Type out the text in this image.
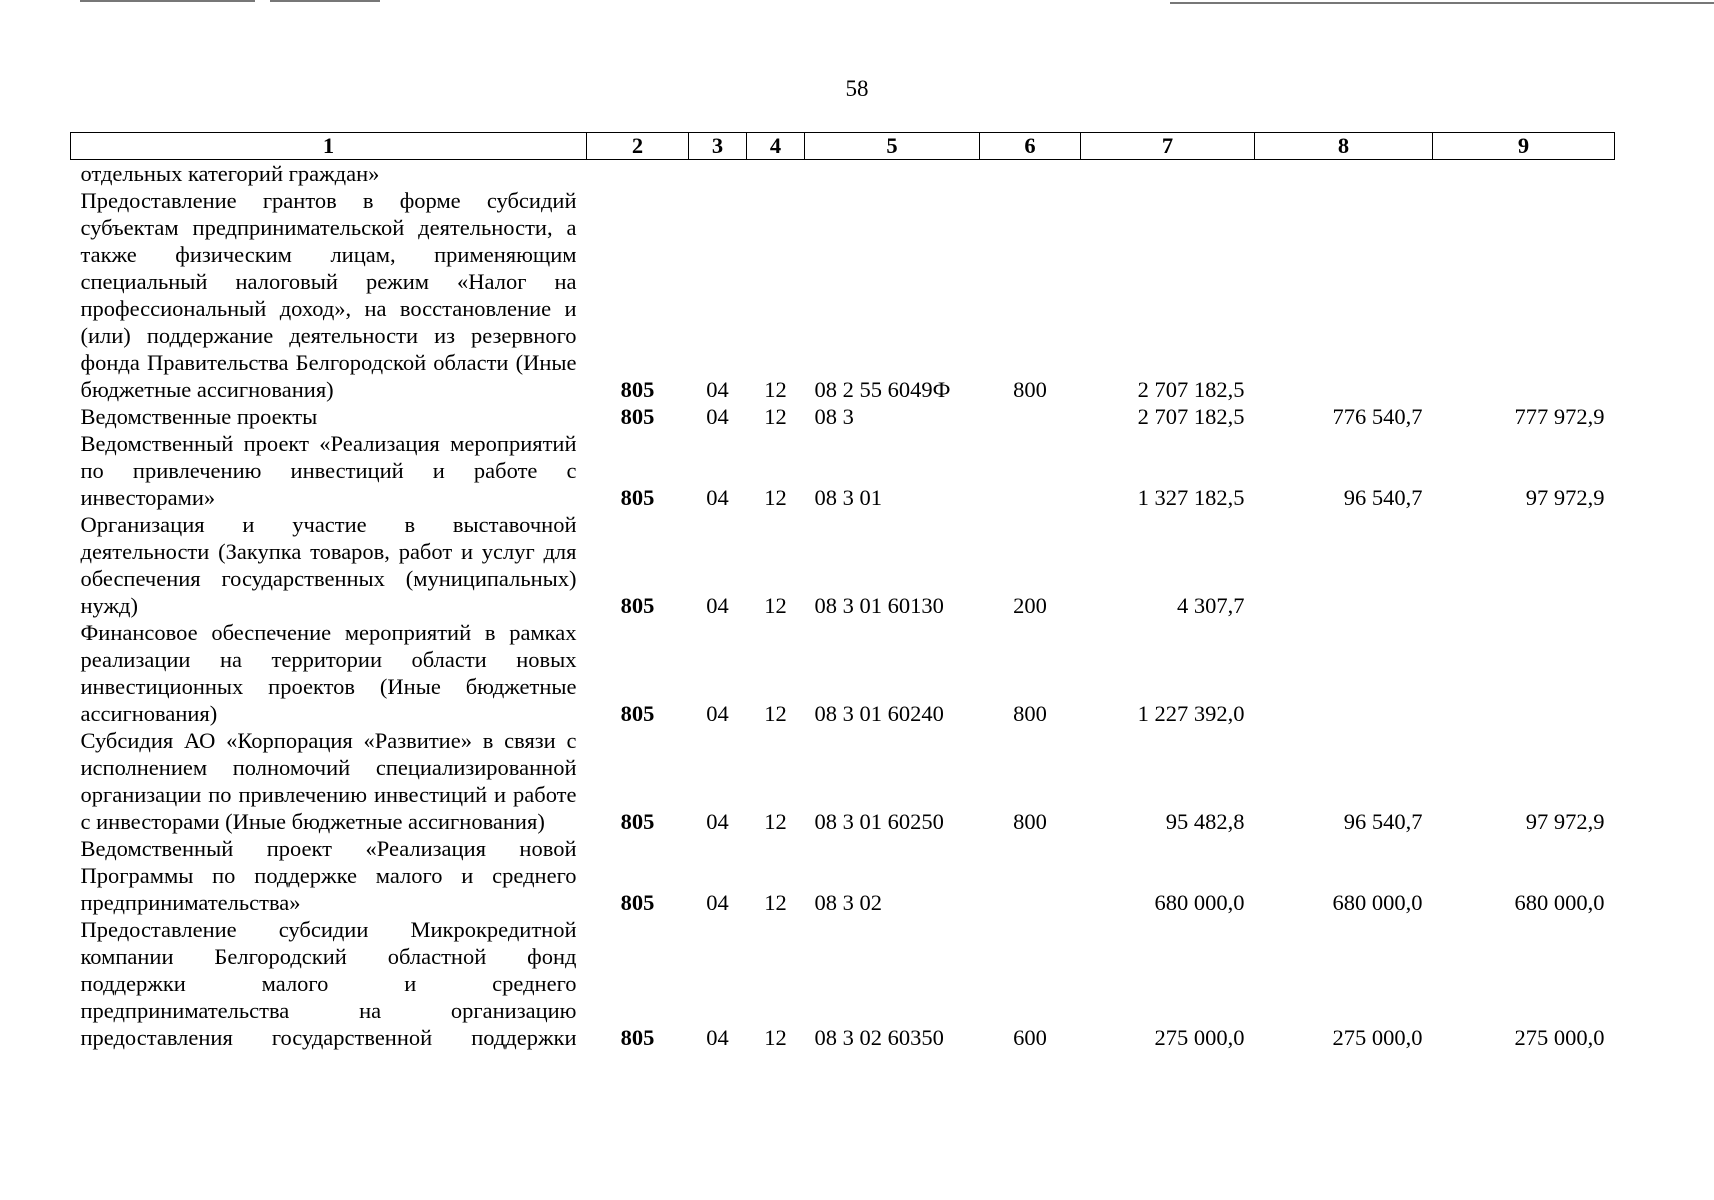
58
1	2	3	4	5	6	7	8	9
отдельных категорий граждан»								
Предоставление грантов в форме субсидий субъектам предпринимательской деятельности, а также физическим лицам, применяющим специальный налоговый режим «Налог на профессиональный доход», на восстановление и (или) поддержание деятельности из резервного фонда Правительства Белгородской области (Иные бюджетные ассигнования)	805	04	12	08 2 55 6049Ф	800	2 707 182,5		
Ведомственные проекты	805	04	12	08 3		2 707 182,5	776 540,7	777 972,9
Ведомственный проект «Реализация мероприятий по привлечению инвестиций и работе с инвесторами»	805	04	12	08 3 01		1 327 182,5	96 540,7	97 972,9
Организация и участие в выставочной деятельности (Закупка товаров, работ и услуг для обеспечения государственных (муниципальных) нужд)	805	04	12	08 3 01 60130	200	4 307,7		
Финансовое обеспечение мероприятий в рамках реализации на территории области новых инвестиционных проектов (Иные бюджетные ассигнования)	805	04	12	08 3 01 60240	800	1 227 392,0		
Субсидия АО «Корпорация «Развитие» в связи с исполнением полномочий специализированной организации по привлечению инвестиций и работе с инвесторами (Иные бюджетные ассигнования)	805	04	12	08 3 01 60250	800	95 482,8	96 540,7	97 972,9
Ведомственный проект «Реализация новой Программы по поддержке малого и среднего предпринимательства»	805	04	12	08 3 02		680 000,0	680 000,0	680 000,0
Предоставление субсидии Микрокредитной компании Белгородский областной фонд поддержки малого и среднего предпринимательства на организацию предоставления государственной поддержки	805	04	12	08 3 02 60350	600	275 000,0	275 000,0	275 000,0
